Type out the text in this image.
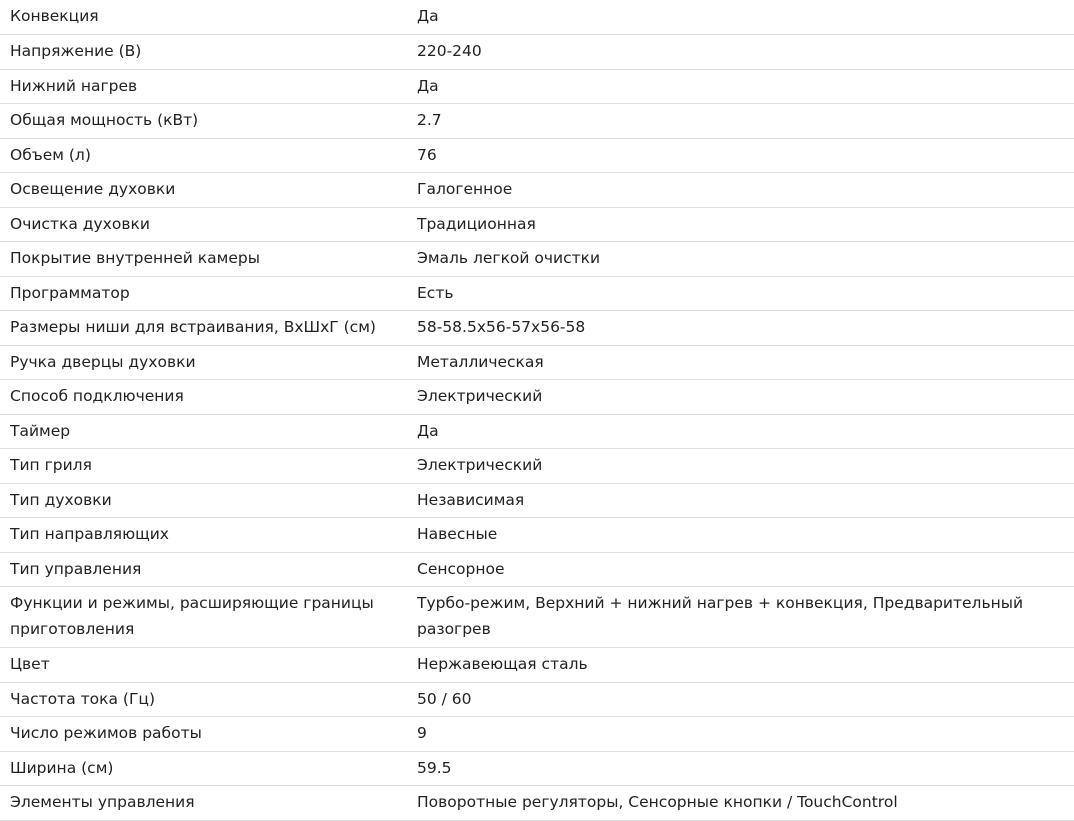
Конвекция	Да
Напряжение (В)	220-240
Нижний нагрев	Да
Общая мощность (кВт)	2.7
Объем (л)	76
Освещение духовки	Галогенное
Очистка духовки	Традиционная
Покрытие внутренней камеры	Эмаль легкой очистки
Программатор	Есть
Размеры ниши для встраивания, ВхШхГ (см)	58-58.5x56-57x56-58
Ручка дверцы духовки	Металлическая
Способ подключения	Электрический
Таймер	Да
Тип гриля	Электрический
Тип духовки	Независимая
Тип направляющих	Навесные
Тип управления	Сенсорное
Функции и режимы, расширяющие границы приготовления	Турбо-режим, Верхний + нижний нагрев + конвекция, Предварительный разогрев
Цвет	Нержавеющая сталь
Частота тока (Гц)	50 / 60
Число режимов работы	9
Ширина (см)	59.5
Элементы управления	Поворотные регуляторы, Сенсорные кнопки / TouchControl
